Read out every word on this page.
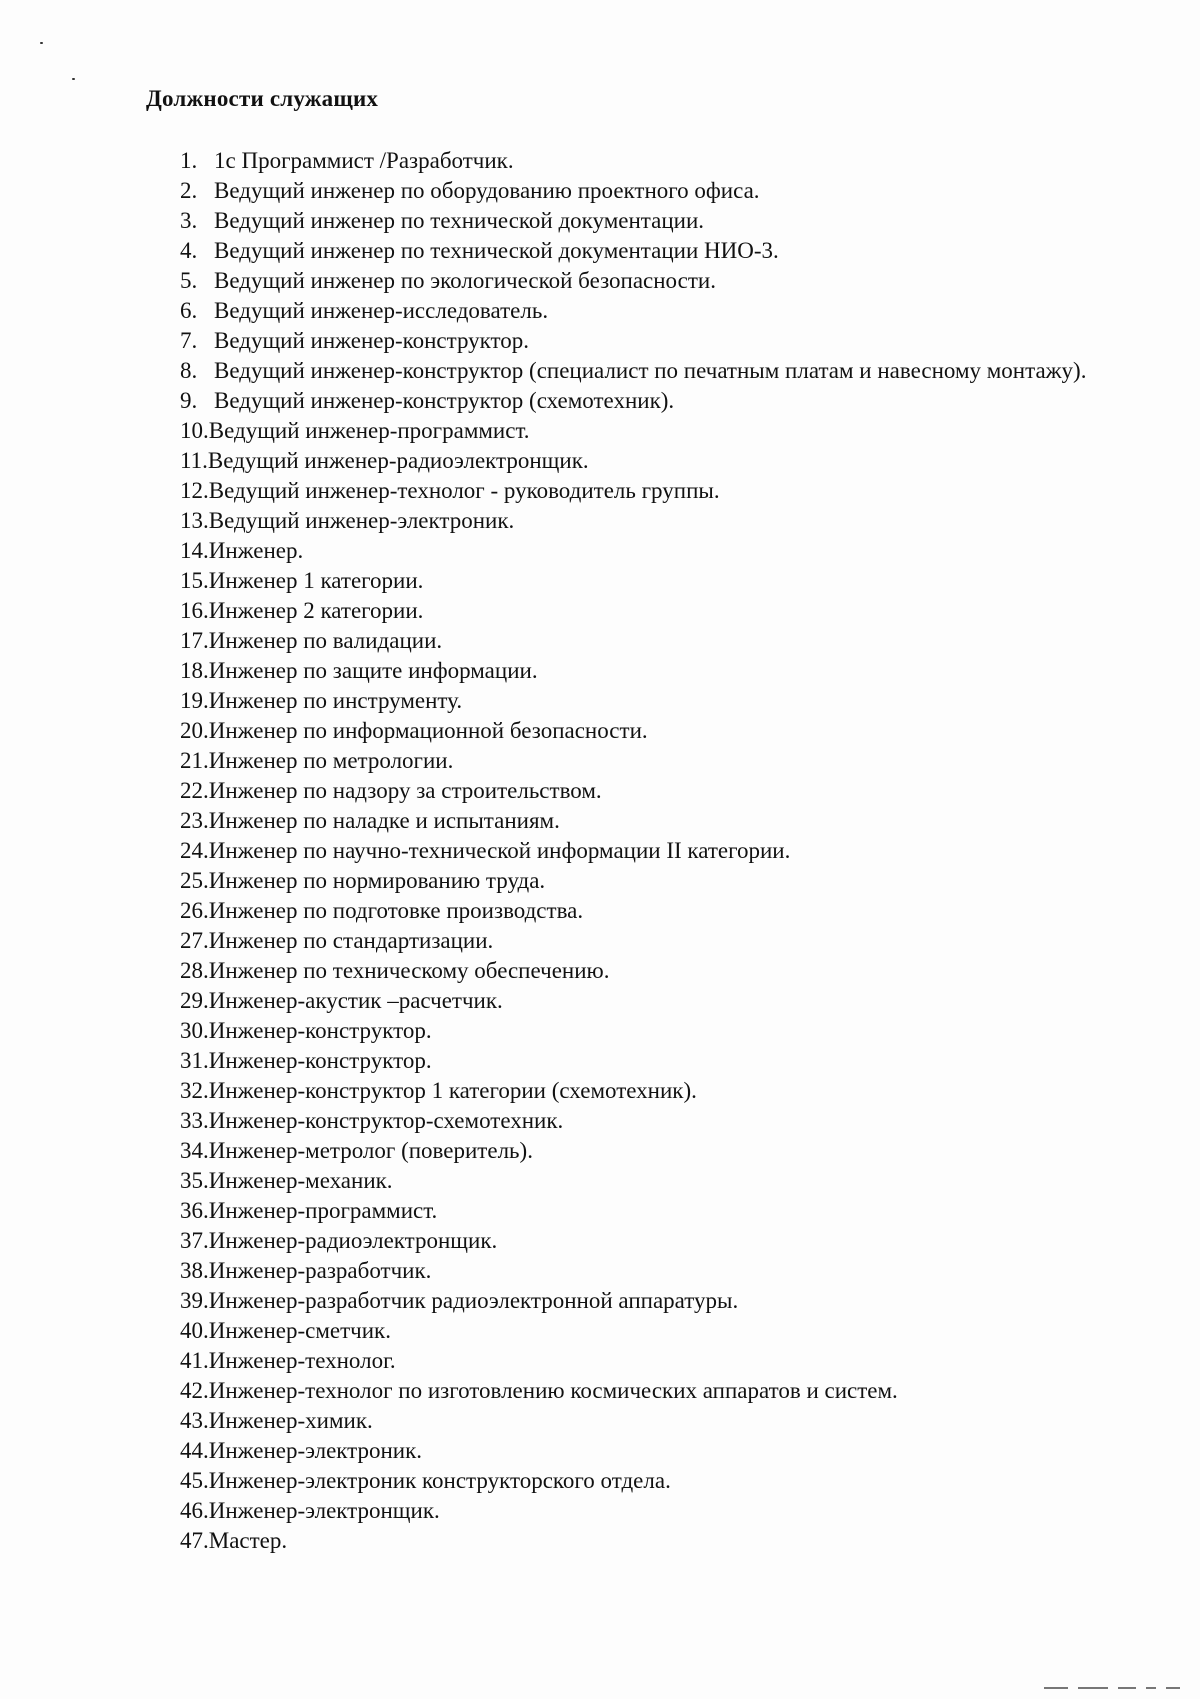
Должности служащих
1. 1с Программист /Разработчик.
2. Ведущий инженер по оборудованию проектного офиса.
3. Ведущий инженер по технической документации.
4. Ведущий инженер по технической документации НИО-3.
5. Ведущий инженер по экологической безопасности.
6. Ведущий инженер-исследователь.
7. Ведущий инженер-конструктор.
8. Ведущий инженер-конструктор (специалист по печатным платам и навесному монтажу).
9. Ведущий инженер-конструктор (схемотехник).
10. Ведущий инженер-программист.
11. Ведущий инженер-радиоэлектронщик.
12. Ведущий инженер-технолог - руководитель группы.
13. Ведущий инженер-электроник.
14. Инженер.
15. Инженер 1 категории.
16. Инженер 2 категории.
17. Инженер по валидации.
18. Инженер по защите информации.
19. Инженер по инструменту.
20. Инженер по информационной безопасности.
21. Инженер по метрологии.
22. Инженер по надзору за строительством.
23. Инженер по наладке и испытаниям.
24. Инженер по научно-технической информации II категории.
25. Инженер по нормированию труда.
26. Инженер по подготовке производства.
27. Инженер по стандартизации.
28. Инженер по техническому обеспечению.
29. Инженер-акустик –расчетчик.
30. Инженер-конструктор.
31. Инженер-конструктор.
32. Инженер-конструктор 1 категории (схемотехник).
33. Инженер-конструктор-схемотехник.
34. Инженер-метролог (поверитель).
35. Инженер-механик.
36. Инженер-программист.
37. Инженер-радиоэлектронщик.
38. Инженер-разработчик.
39. Инженер-разработчик радиоэлектронной аппаратуры.
40. Инженер-сметчик.
41. Инженер-технолог.
42. Инженер-технолог по изготовлению космических аппаратов и систем.
43. Инженер-химик.
44. Инженер-электроник.
45. Инженер-электроник конструкторского отдела.
46. Инженер-электронщик.
47. Мастер.
